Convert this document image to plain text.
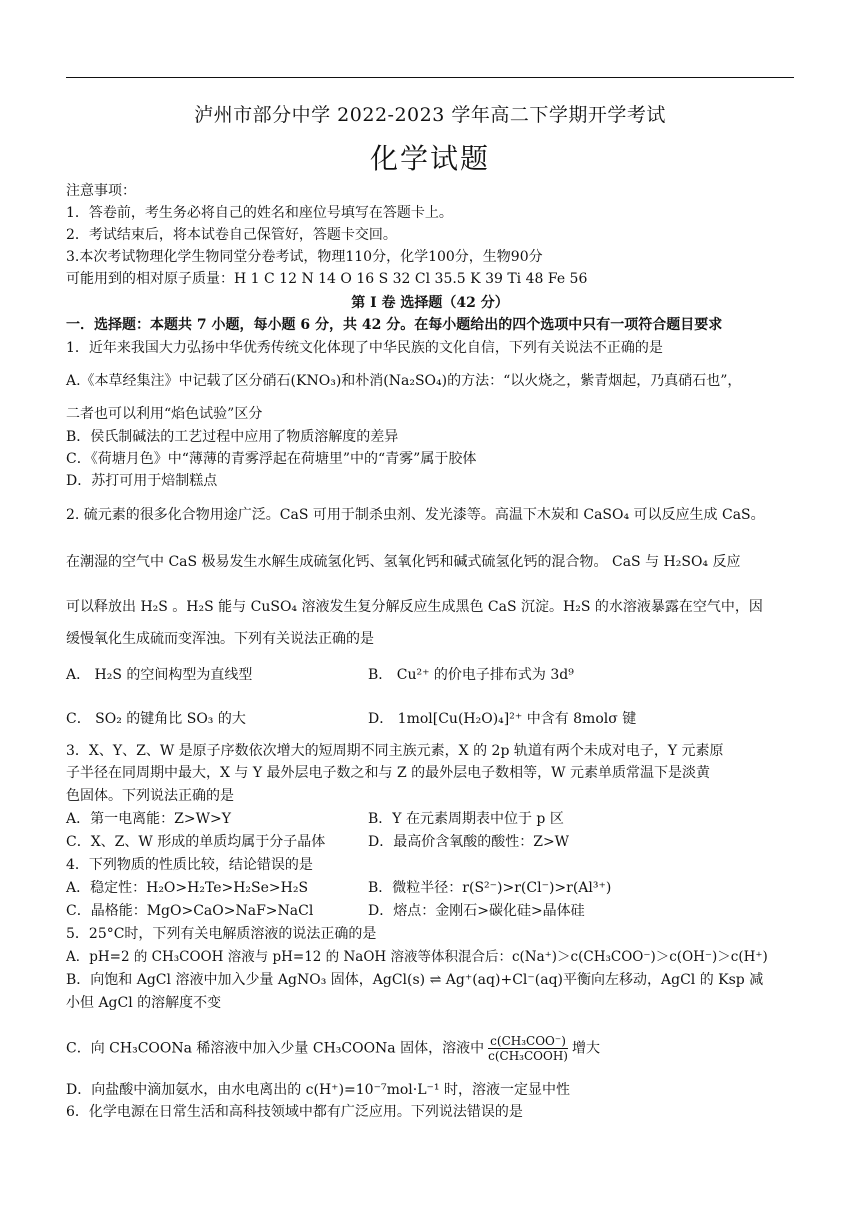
泸州市部分中学 2022-2023 学年高二下学期开学考试
化学试题
注意事项：
1．答卷前，考生务必将自己的姓名和座位号填写在答题卡上。
2．考试结束后，将本试卷自己保管好，答题卡交回。
3.本次考试物理化学生物同堂分卷考试，物理110分，化学100分，生物90分
可能用到的相对原子质量：H 1 C 12 N 14 O 16 S 32 Cl 35.5 K 39 Ti 48 Fe 56
第 I 卷 选择题（42 分）
一．选择题：本题共 7 小题，每小题 6 分，共 42 分。在每小题给出的四个选项中只有一项符合题目要求
1．近年来我国大力弘扬中华优秀传统文化体现了中华民族的文化自信，下列有关说法不正确的是
A.《本草经集注》中记载了区分硝石(KNO₃)和朴消(Na₂SO₄)的方法：“以火烧之，紫青烟起，乃真硝石也”，
二者也可以利用“焰色试验”区分
B．侯氏制碱法的工艺过程中应用了物质溶解度的差异
C．《荷塘月色》中“薄薄的青雾浮起在荷塘里”中的“青雾”属于胶体
D．苏打可用于焙制糕点
2. 硫元素的很多化合物用途广泛。CaS 可用于制杀虫剂、发光漆等。高温下木炭和 CaSO₄ 可以反应生成 CaS。
在潮湿的空气中 CaS 极易发生水解生成硫氢化钙、氢氧化钙和碱式硫氢化钙的混合物。 CaS 与 H₂SO₄ 反应
可以释放出 H₂S 。H₂S 能与 CuSO₄ 溶液发生复分解反应生成黑色 CaS 沉淀。H₂S 的水溶液暴露在空气中，因
缓慢氧化生成硫而变浑浊。下列有关说法正确的是
A． H₂S 的空间构型为直线型	B． Cu²⁺ 的价电子排布式为 3d⁹
C． SO₂ 的键角比 SO₃ 的大	D． 1mol[Cu(H₂O)₄]²⁺ 中含有 8molσ 键
3．X、Y、Z、W 是原子序数依次增大的短周期不同主族元素，X 的 2p 轨道有两个未成对电子，Y 元素原
子半径在同周期中最大，X 与 Y 最外层电子数之和与 Z 的最外层电子数相等，W 元素单质常温下是淡黄
色固体。下列说法正确的是
A．第一电离能：Z>W>Y	B．Y 在元素周期表中位于 p 区
C．X、Z、W 形成的单质均属于分子晶体	D．最高价含氧酸的酸性：Z>W
4．下列物质的性质比较，结论错误的是
A．稳定性：H₂O>H₂Te>H₂Se>H₂S	B．微粒半径：r(S²⁻)>r(Cl⁻)>r(Al³⁺)
C．晶格能：MgO>CaO>NaF>NaCl	D．熔点：金刚石>碳化硅>晶体硅
5．25°C时，下列有关电解质溶液的说法正确的是
A．pH=2 的 CH₃COOH 溶液与 pH=12 的 NaOH 溶液等体积混合后：c(Na⁺)＞c(CH₃COO⁻)＞c(OH⁻)＞c(H⁺)
B．向饱和 AgCl 溶液中加入少量 AgNO₃ 固体，AgCl(s) ⇌ Ag⁺(aq)+Cl⁻(aq)平衡向左移动，AgCl 的 Ksp 减
小但 AgCl 的溶解度不变
C．向 CH₃COONa 稀溶液中加入少量 CH₃COONa 固体，溶液中 $\frac{\text{c(CH₃COO⁻)}}{\text{c(CH₃COOH)}}$ 增大
D．向盐酸中滴加氨水，由水电离出的 c(H⁺)=10⁻⁷mol·L⁻¹ 时，溶液一定显中性
6．化学电源在日常生活和高科技领域中都有广泛应用。下列说法错误的是
